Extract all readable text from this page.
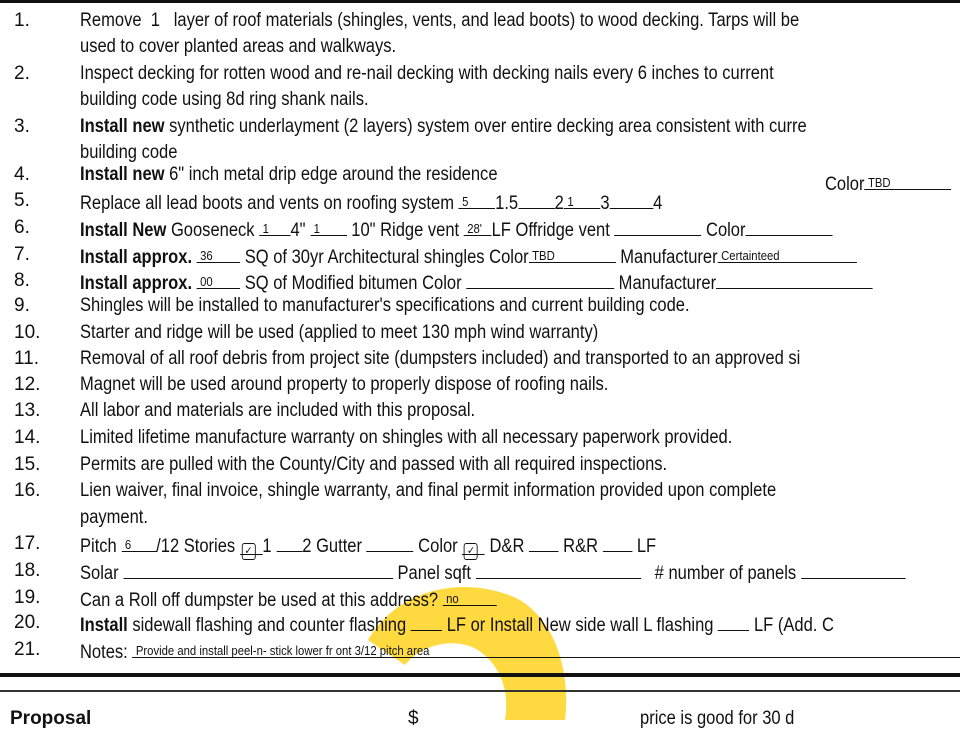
1.	Remove 1 layer of roof materials (shingles, vents, and lead boots) to wood decking. Tarps will be
used to cover planted areas and walkways.
2.	Inspect decking for rotten wood and re-nail decking with decking nails every 6 inches to current
building code using 8d ring shank nails.
3.	Install new synthetic underlayment (2 layers) system over entire decking area consistent with curre
building code
4.	Install new 6" inch metal drip edge around the residence	Color TBD
5.	Replace all lead boots and vents on roofing system 5 1.5 2 1 3 4
6.	Install New Gooseneck 1 4" 1 10" Ridge vent 28' LF Offridge vent	Color
7.	Install approx. 36 SQ of 30yr Architectural shingles Color TBD	Manufacturer Certainteed
8.	Install approx. 00 SQ of Modified bitumen Color	Manufacturer
9.	Shingles will be installed to manufacturer's specifications and current building code.
10. Starter and ridge will be used (applied to meet 130 mph wind warranty)
11. Removal of all roof debris from project site (dumpsters included) and transported to an approved si
12. Magnet will be used around property to properly dispose of roofing nails.
13. All labor and materials are included with this proposal.
14. Limited lifetime manufacture warranty on shingles with all necessary paperwork provided.
15. Permits are pulled with the County/City and passed with all required inspections.
16. Lien waiver, final invoice, shingle warranty, and final permit information provided upon complete
payment.
17. Pitch 6 /12 Stories ✓ 1 2 Gutter	Color ✓ D&R R&R LF
18. Solar	Panel sqft	# number of panels
19. Can a Roll off dumpster be used at this address? no
20. Install sidewall flashing and counter flashing LF or Install New side wall L flashing LF (Add. C
21. Notes: Provide and install peel-n- stick lower fr ont 3/12 pitch area
Proposal	$	price is good for 30 d
